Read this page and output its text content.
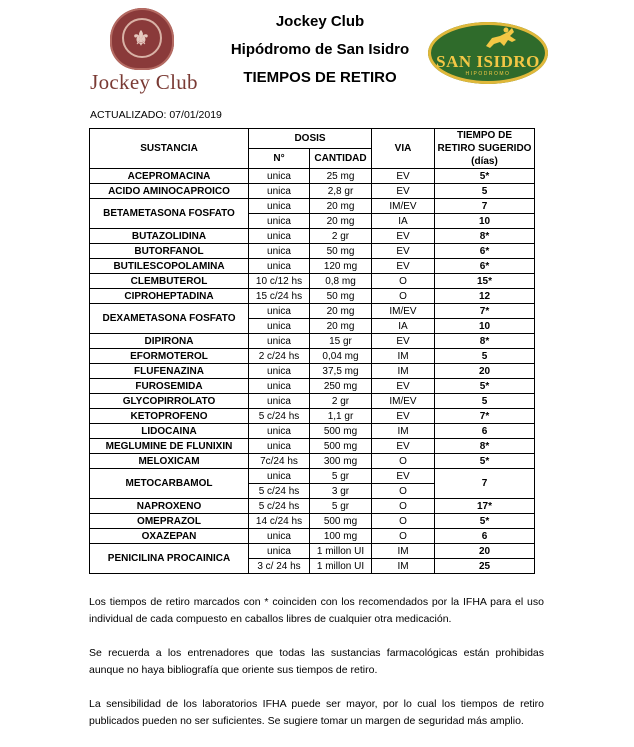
⚜
Jockey Club
Jockey Club
Hipódromo de San Isidro
TIEMPOS DE RETIRO
SAN ISIDRO
HIPODROMO
ACTUALIZADO: 07/01/2019
SUSTANCIA	DOSIS		VIA	TIEMPO DE RETIRO SUGERIDO (días)
	N°	CANTIDAD		
ACEPROMACINA	unica	25 mg	EV	5*
ACIDO AMINOCAPROICO	unica	2,8 gr	EV	5
BETAMETASONA FOSFATO	unica	20 mg	IM/EV	7
	unica	20 mg	IA	10
BUTAZOLIDINA	unica	2 gr	EV	8*
BUTORFANOL	unica	50 mg	EV	6*
BUTILESCOPOLAMINA	unica	120 mg	EV	6*
CLEMBUTEROL	10 c/12 hs	0,8 mg	O	15*
CIPROHEPTADINA	15 c/24 hs	50 mg	O	12
DEXAMETASONA FOSFATO	unica	20 mg	IM/EV	7*
	unica	20 mg	IA	10
DIPIRONA	unica	15 gr	EV	8*
EFORMOTEROL	2 c/24 hs	0,04 mg	IM	5
FLUFENAZINA	unica	37,5 mg	IM	20
FUROSEMIDA	unica	250 mg	EV	5*
GLYCOPIRROLATO	unica	2 gr	IM/EV	5
KETOPROFENO	5 c/24 hs	1,1 gr	EV	7*
LIDOCAINA	unica	500 mg	IM	6
MEGLUMINE DE FLUNIXIN	unica	500 mg	EV	8*
MELOXICAM	7c/24 hs	300 mg	O	5*
METOCARBAMOL	unica	5 gr	EV	7
	5 c/24 hs	3 gr	O	
NAPROXENO	5 c/24 hs	5 gr	O	17*
OMEPRAZOL	14 c/24 hs	500 mg	O	5*
OXAZEPAN	unica	100 mg	O	6
PENICILINA PROCAINICA	unica	1 millon UI	IM	20
	3 c/ 24 hs	1 millon UI	IM	25

Los tiempos de retiro marcados con * coinciden con los recomendados por la IFHA para el uso individual de cada compuesto en caballos libres de cualquier otra medicación.

Se recuerda a los entrenadores que todas las sustancias farmacológicas están prohibidas aunque no haya bibliografía que oriente sus tiempos de retiro.

La sensibilidad de los laboratorios IFHA puede ser mayor, por lo cual los tiempos de retiro publicados pueden no ser suficientes. Se sugiere tomar un margen de seguridad más amplio.
